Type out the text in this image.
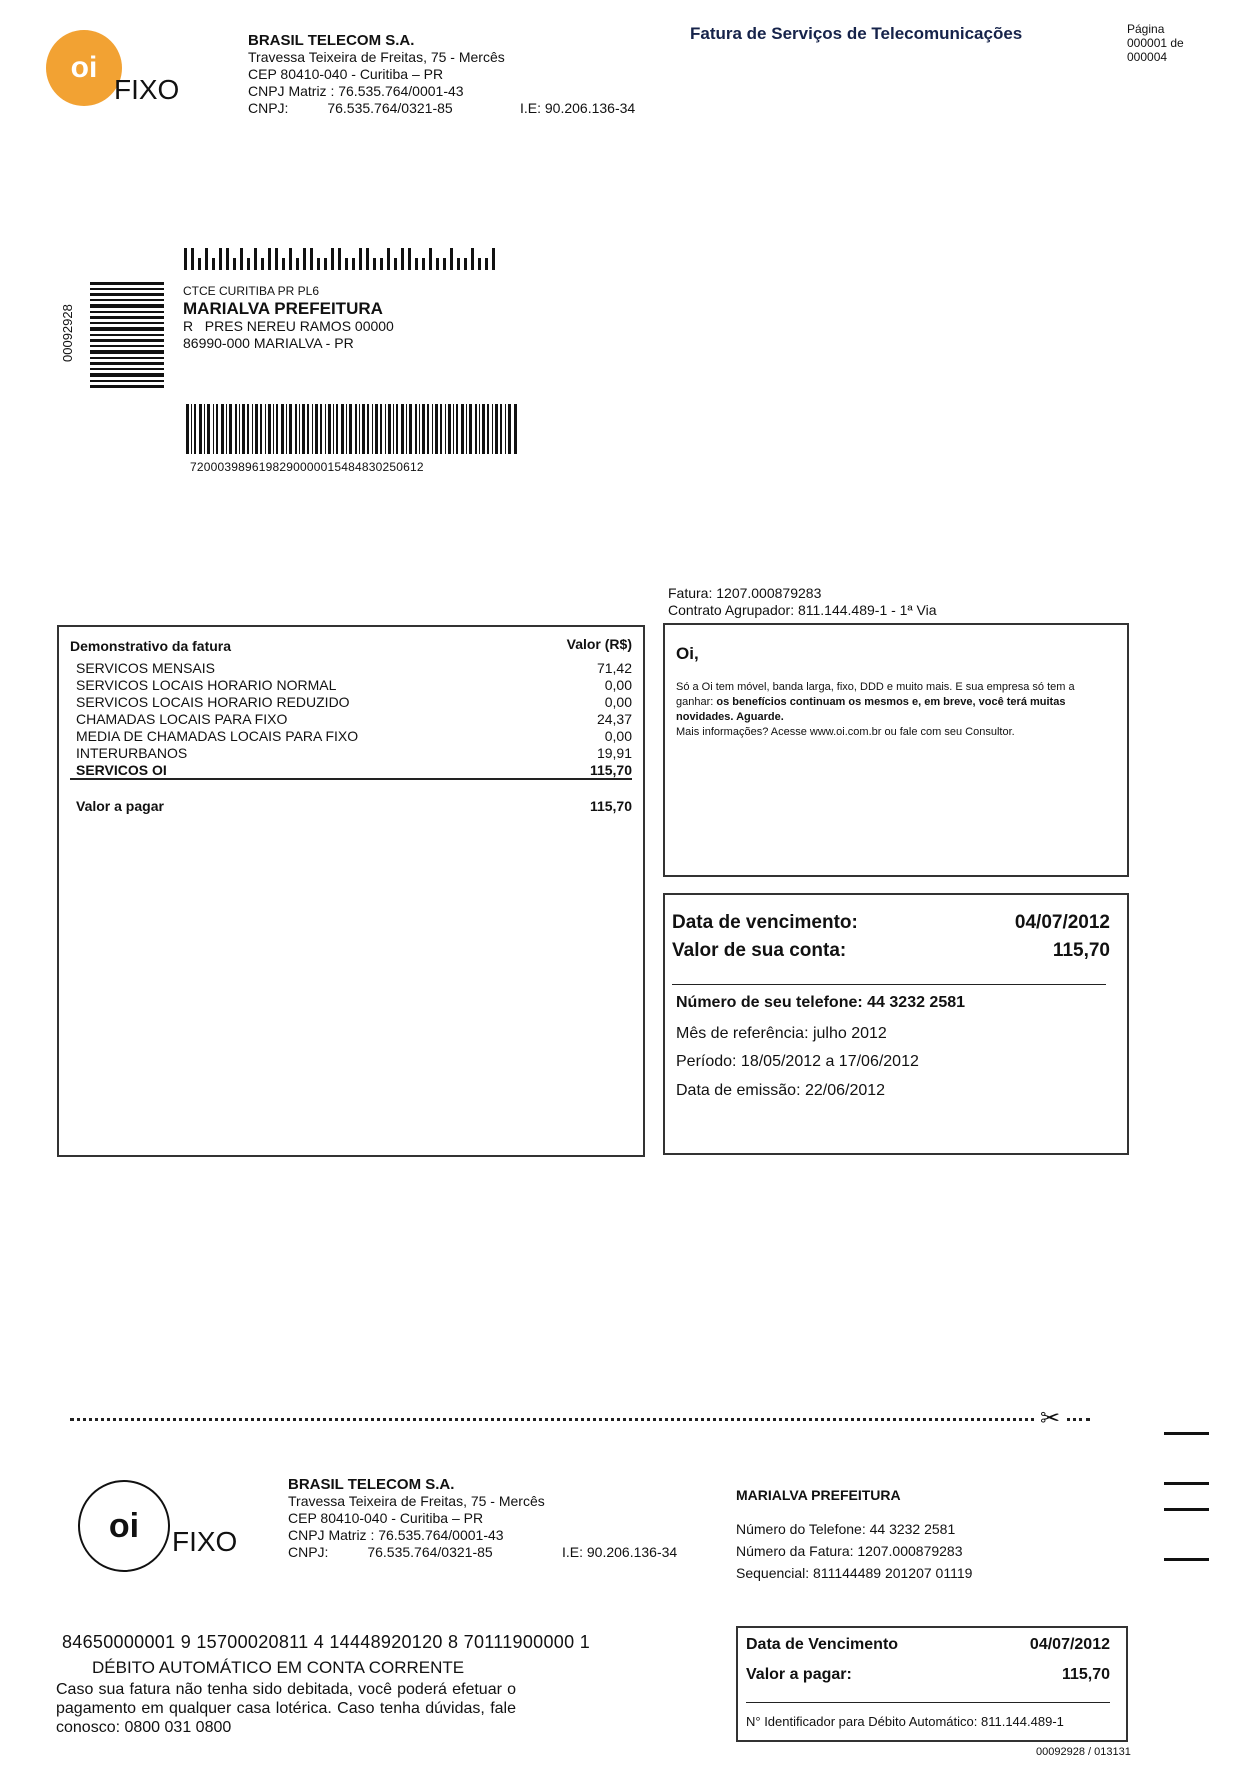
oi
FIXO
BRASIL TELECOM S.A.
Travessa Teixeira de Freitas, 75 - Mercês
CEP 80410-040 - Curitiba – PR
CNPJ Matriz : 76.535.764/0001-43
CNPJ:          76.535.764/0321-85	I.E: 90.206.136-34
Fatura de Serviços de Telecomunicações	Página
000001 de
000004
00092928
CTCE CURITIBA PR PL6
MARIALVA PREFEITURA
R   PRES NEREU RAMOS 00000
86990-000 MARIALVA - PR
7200039896198290000015484830250612
Fatura: 1207.000879283
Contrato Agrupador: 811.144.489-1 - 1ª Via
Demonstrativo da fatura	Valor (R$)
SERVICOS MENSAIS	71,42
SERVICOS LOCAIS HORARIO NORMAL	0,00
SERVICOS LOCAIS HORARIO REDUZIDO	0,00
CHAMADAS LOCAIS PARA FIXO	24,37
MEDIA DE CHAMADAS LOCAIS PARA FIXO	0,00
INTERURBANOS	19,91
SERVICOS OI	115,70
Valor a pagar	115,70
Oi,
Só a Oi tem móvel, banda larga, fixo, DDD e muito mais. E sua empresa só tem a ganhar: os benefícios continuam os mesmos e, em breve, você terá muitas novidades. Aguarde.
Mais informações? Acesse www.oi.com.br ou fale com seu Consultor.
Data de vencimento:	04/07/2012
Valor de sua conta:	115,70
Número de seu telefone: 44 3232 2581
Mês de referência: julho 2012
Período: 18/05/2012 a 17/06/2012
Data de emissão: 22/06/2012
✂
oi	FIXO
BRASIL TELECOM S.A.
Travessa Teixeira de Freitas, 75 - Mercês
CEP 80410-040 - Curitiba – PR
CNPJ Matriz : 76.535.764/0001-43
CNPJ:          76.535.764/0321-85	I.E: 90.206.136-34
MARIALVA PREFEITURA
Número do Telefone: 44 3232 2581
Número da Fatura: 1207.000879283
Sequencial: 811144489 201207 01119
84650000001 9 15700020811 4 14448920120 8 70111900000 1
DÉBITO AUTOMÁTICO EM CONTA CORRENTE
Caso sua fatura não tenha sido debitada, você poderá efetuar o pagamento em qualquer casa lotérica. Caso tenha dúvidas, fale conosco: 0800 031 0800
Data de Vencimento	04/07/2012
Valor a pagar:	115,70
N° Identificador para Débito Automático: 811.144.489-1
00092928 / 013131
